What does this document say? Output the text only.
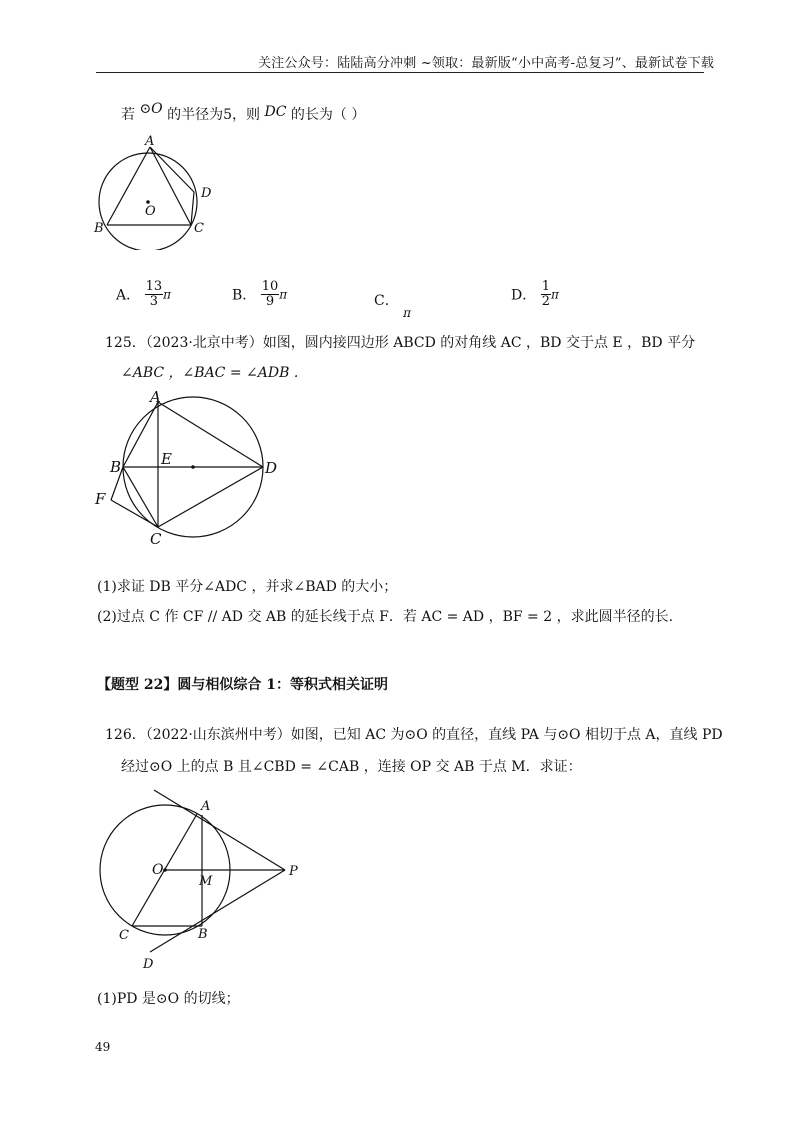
关注公众号：陆陆高分冲刺 ~领取：最新版“小中高考-总复习”、最新试卷下载
若 ⊙O 的半径为5，则 DC 的长为（ ）
A
B	C
D
O
A． $\frac{13}{3}$ π	B． $\frac{10}{9}$ π	C． π
D． $\frac{1}{2}$ π
125．（2023·北京中考）如图，圆内接四边形 ABCD 的对角线 AC ，BD 交于点 E ，BD 平分
∠ABC ，∠BAC = ∠ADB .
A
B
C
D
E
F
(1)求证 DB 平分∠ADC ，并求∠BAD 的大小；
(2)过点 C 作 CF // AD 交 AB 的延长线于点 F．若 AC = AD ，BF = 2 ，求此圆半径的长.
【题型 22】圆与相似综合 1：等积式相关证明
126．（2022·山东滨州中考）如图，已知 AC 为⊙O 的直径，直线 PA 与⊙O 相切于点 A，直线 PD
经过⊙O 上的点 B 且∠CBD = ∠CAB ，连接 OP 交 AB 于点 M．求证：
A
O
M
P
C	B
D
(1)PD 是⊙O 的切线；
49
